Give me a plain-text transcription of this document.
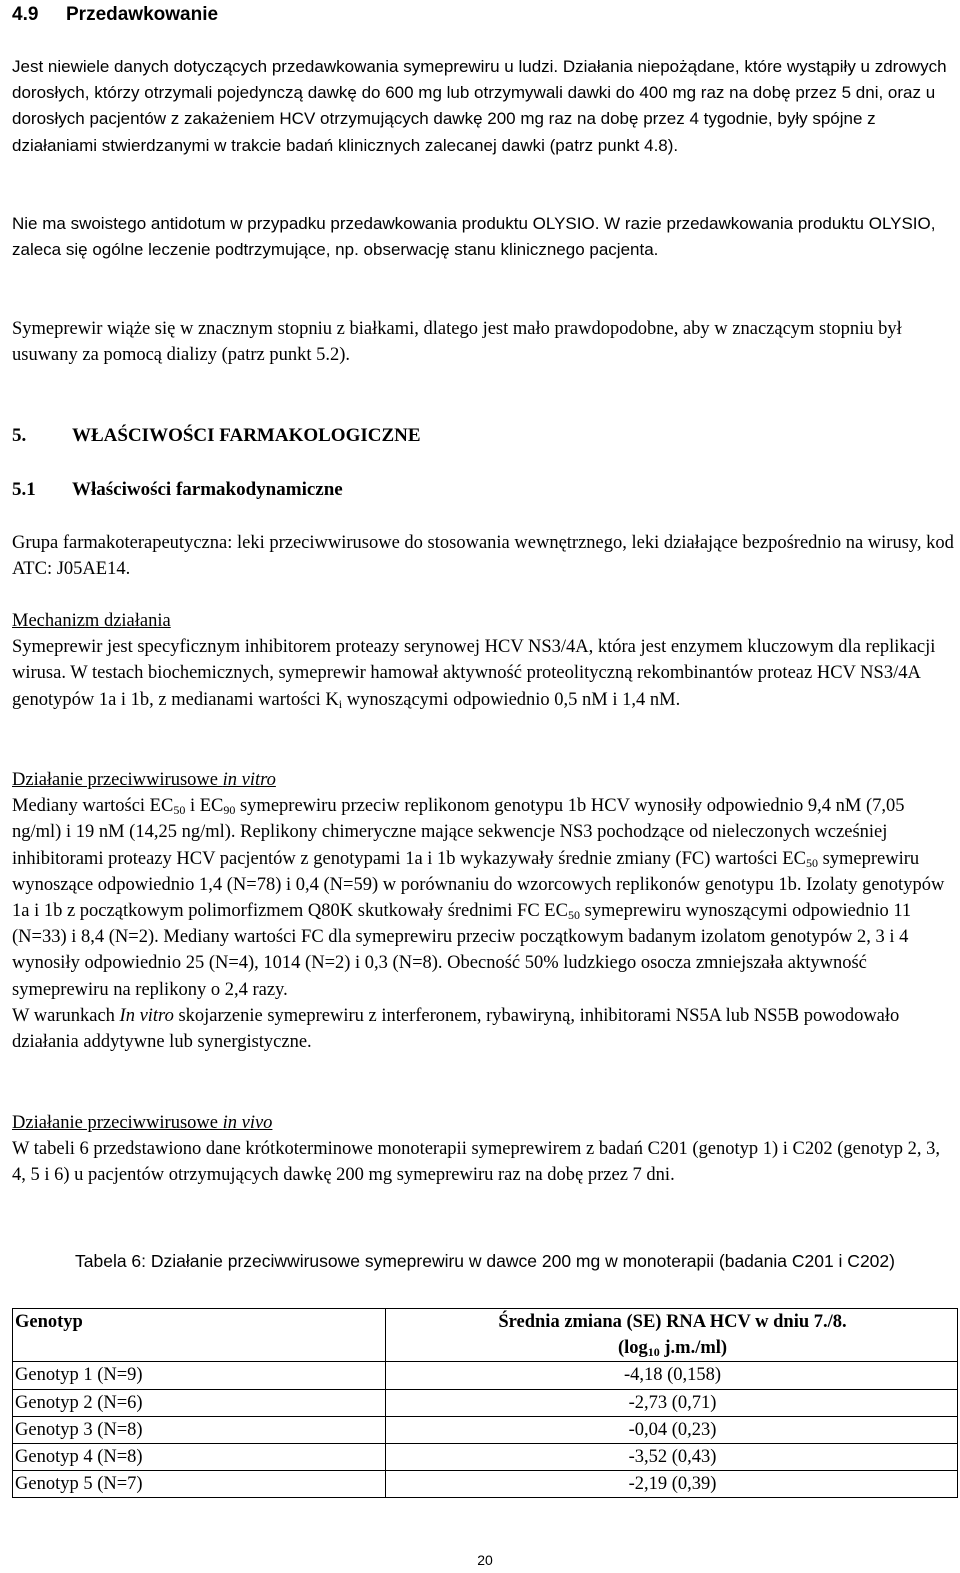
4.9 Przedawkowanie

Jest niewiele danych dotyczących przedawkowania symeprewiru u ludzi. Działania niepożądane, które wystąpiły u zdrowych dorosłych, którzy otrzymali pojedynczą dawkę do 600 mg lub otrzymywali dawki do 400 mg raz na dobę przez 5 dni, oraz u dorosłych pacjentów z zakażeniem HCV otrzymujących dawkę 200 mg raz na dobę przez 4 tygodnie, były spójne z działaniami stwierdzanymi w trakcie badań klinicznych zalecanej dawki (patrz punkt 4.8).

Nie ma swoistego antidotum w przypadku przedawkowania produktu OLYSIO. W razie przedawkowania produktu OLYSIO, zaleca się ogólne leczenie podtrzymujące, np. obserwację stanu klinicznego pacjenta.

Symeprewir wiąże się w znacznym stopniu z białkami, dlatego jest mało prawdopodobne, aby w znaczącym stopniu był usuwany za pomocą dializy (patrz punkt 5.2).

5. WŁAŚCIWOŚCI FARMAKOLOGICZNE
5.1 Właściwości farmakodynamiczne

Grupa farmakoterapeutyczna: leki przeciwwirusowe do stosowania wewnętrznego, leki działające bezpośrednio na wirusy, kod ATC: J05AE14.

Mechanizm działania
Symeprewir jest specyficznym inhibitorem proteazy serynowej HCV NS3/4A, która jest enzymem kluczowym dla replikacji wirusa. W testach biochemicznych, symeprewir hamował aktywność proteolityczną rekombinantów proteaz HCV NS3/4A genotypów 1a i 1b, z medianami wartości $K_i$ wynoszącymi odpowiednio 0,5 nM i 1,4 nM.
Działanie przeciwwirusowe in vitro
Mediany wartości $EC_{50}$ i $EC_{90}$ symeprewiru przeciw replikonom genotypu 1b HCV wynosiły odpowiednio 9,4 nM (7,05 ng/ml) i 19 nM (14,25 ng/ml). Replikony chimeryczne mające sekwencje NS3 pochodzące od nieleczonych wcześniej inhibitorami proteazy HCV pacjentów z genotypami 1a i 1b wykazywały średnie zmiany (FC) wartości $EC_{50}$ symeprewiru wynoszące odpowiednio 1,4 (N=78) i 0,4 (N=59) w porównaniu do wzorcowych replikonów genotypu 1b. Izolaty genotypów 1a i 1b z początkowym polimorfizmem Q80K skutkowały średnimi FC $EC_{50}$ symeprewiru wynoszącymi odpowiednio 11 (N=33) i 8,4 (N=2). Mediany wartości FC dla symeprewiru przeciw początkowym badanym izolatom genotypów 2, 3 i 4 wynosiły odpowiednio 25 (N=4), 1014 (N=2) i 0,3 (N=8). Obecność 50% ludzkiego osocza zmniejszała aktywność symeprewiru na replikony o 2,4 razy.
W warunkach In vitro skojarzenie symeprewiru z interferonem, rybawiryną, inhibitorami NS5A lub NS5B powodowało działania addytywne lub synergistyczne.
Działanie przeciwwirusowe in vivo
W tabeli 6 przedstawiono dane krótkoterminowe monoterapii symeprewirem z badań C201 (genotyp 1) i C202 (genotyp 2, 3, 4, 5 i 6) u pacjentów otrzymujących dawkę 200 mg symeprewiru raz na dobę przez 7 dni.
Tabela 6: Działanie przeciwwirusowe symeprewiru w dawce 200 mg w monoterapii (badania C201 i C202)
Genotyp	Średnia zmiana (SE) RNA HCV w dniu 7./8.
($\log_{10}$ j.m./ml)

Genotyp 1 (N=9)	-4,18 (0,158)
Genotyp 2 (N=6)	-2,73 (0,71)
Genotyp 3 (N=8)	-0,04 (0,23)
Genotyp 4 (N=8)	-3,52 (0,43)
Genotyp 5 (N=7)	-2,19 (0,39)
20
